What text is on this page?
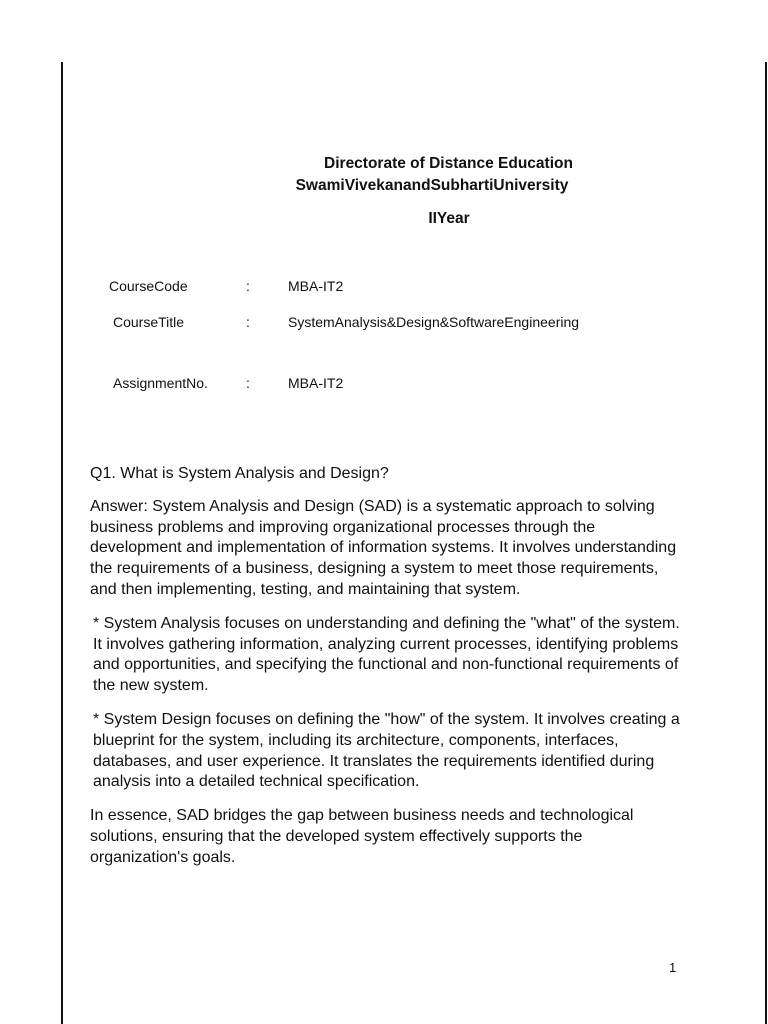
Directorate of Distance Education
SwamiVivekanandSubhartiUniversity
IIYear
CourseCode	:	MBA-IT2
CourseTitle	:	SystemAnalysis&Design&SoftwareEngineering
AssignmentNo.	:	MBA-IT2

Q1. What is System Analysis and Design?

Answer: System Analysis and Design (SAD) is a systematic approach to solving business problems and improving organizational processes through the development and implementation of information systems. It involves understanding the requirements of a business, designing a system to meet those requirements, and then implementing, testing, and maintaining that system.

* System Analysis focuses on understanding and defining the "what" of the system. It involves gathering information, analyzing current processes, identifying problems and opportunities, and specifying the functional and non-functional requirements of the new system.

* System Design focuses on defining the "how" of the system. It involves creating a blueprint for the system, including its architecture, components, interfaces, databases, and user experience. It translates the requirements identified during analysis into a detailed technical specification.

In essence, SAD bridges the gap between business needs and technological solutions, ensuring that the developed system effectively supports the organization's goals.

1
